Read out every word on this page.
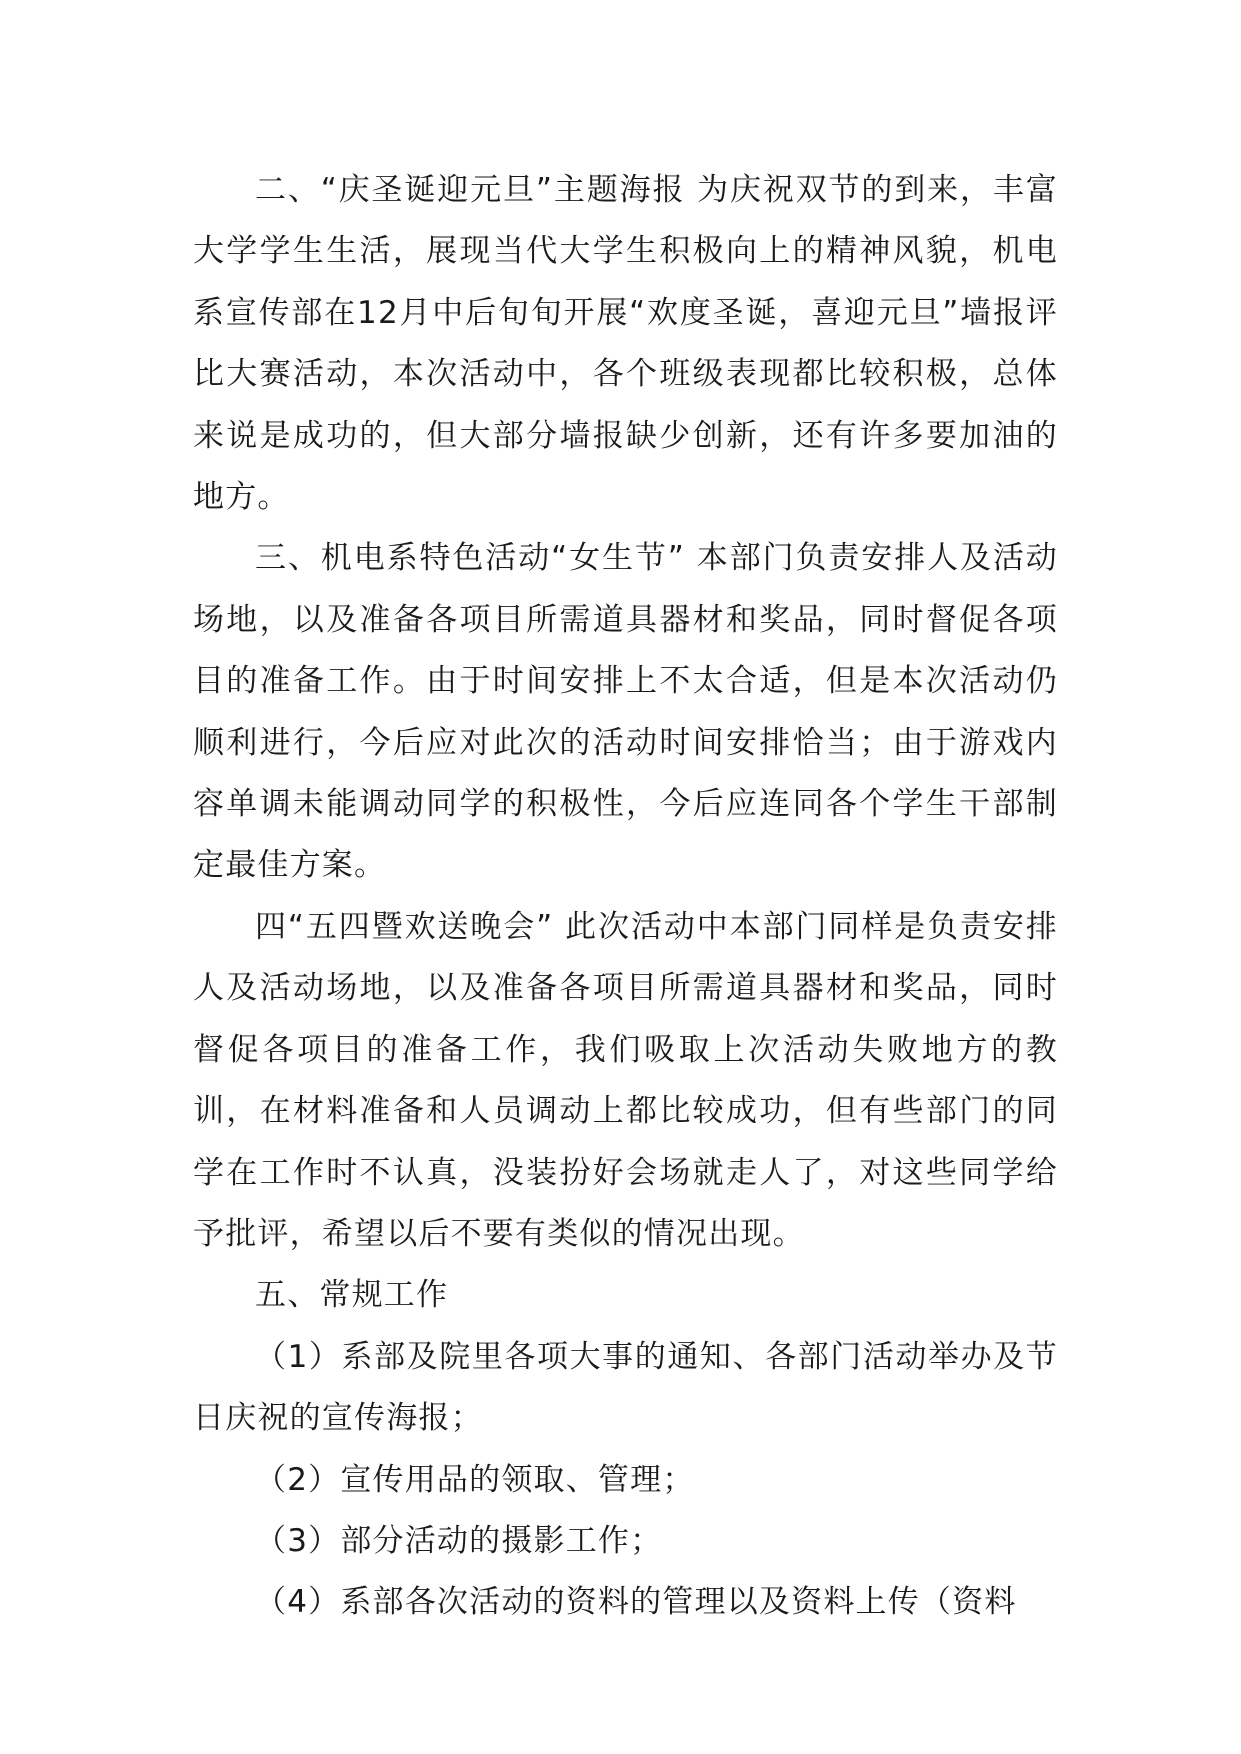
二、“庆圣诞迎元旦”主题海报 为庆祝双节的到来，丰富大学学生生活，展现当代大学生积极向上的精神风貌，机电系宣传部在12月中后旬旬开展“欢度圣诞，喜迎元旦”墙报评比大赛活动，本次活动中，各个班级表现都比较积极，总体来说是成功的，但大部分墙报缺少创新，还有许多要加油的地方。

三、机电系特色活动“女生节” 本部门负责安排人及活动场地，以及准备各项目所需道具器材和奖品，同时督促各项目的准备工作。由于时间安排上不太合适，但是本次活动仍顺利进行，今后应对此次的活动时间安排恰当；由于游戏内容单调未能调动同学的积极性，今后应连同各个学生干部制定最佳方案。

四“五四暨欢送晚会” 此次活动中本部门同样是负责安排人及活动场地，以及准备各项目所需道具器材和奖品，同时督促各项目的准备工作，我们吸取上次活动失败地方的教训，在材料准备和人员调动上都比较成功，但有些部门的同学在工作时不认真，没装扮好会场就走人了，对这些同学给予批评，希望以后不要有类似的情况出现。

五、常规工作

（1）系部及院里各项大事的通知、各部门活动举办及节日庆祝的宣传海报；

（2）宣传用品的领取、管理；

（3）部分活动的摄影工作；

（4）系部各次活动的资料的管理以及资料上传（资料
